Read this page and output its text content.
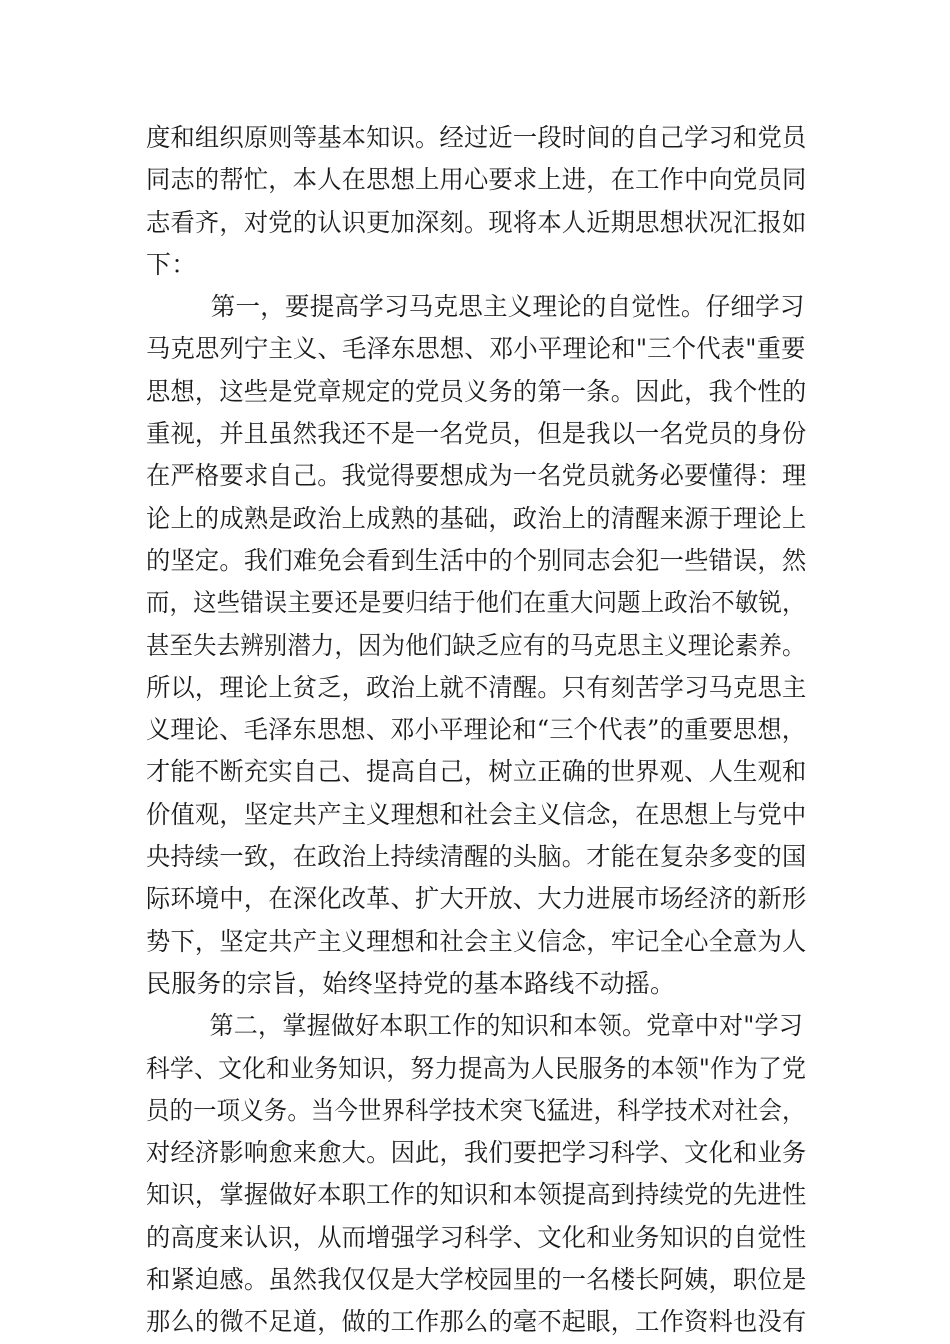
度和组织原则等基本知识。经过近一段时间的自己学习和党员
同志的帮忙，本人在思想上用心要求上进，在工作中向党员同
志看齐，对党的认识更加深刻。现将本人近期思想状况汇报如
下：
第一，要提高学习马克思主义理论的自觉性。仔细学习
马克思列宁主义、毛泽东思想、邓小平理论和"三个代表"重要
思想，这些是党章规定的党员义务的第一条。因此，我个性的
重视，并且虽然我还不是一名党员，但是我以一名党员的身份
在严格要求自己。我觉得要想成为一名党员就务必要懂得：理
论上的成熟是政治上成熟的基础，政治上的清醒来源于理论上
的坚定。我们难免会看到生活中的个别同志会犯一些错误，然
而，这些错误主要还是要归结于他们在重大问题上政治不敏锐，
甚至失去辨别潜力，因为他们缺乏应有的马克思主义理论素养。
所以，理论上贫乏，政治上就不清醒。只有刻苦学习马克思主
义理论、毛泽东思想、邓小平理论和“三个代表”的重要思想，
才能不断充实自己、提高自己，树立正确的世界观、人生观和
价值观，坚定共产主义理想和社会主义信念，在思想上与党中
央持续一致，在政治上持续清醒的头脑。才能在复杂多变的国
际环境中，在深化改革、扩大开放、大力进展市场经济的新形
势下，坚定共产主义理想和社会主义信念，牢记全心全意为人
民服务的宗旨，始终坚持党的基本路线不动摇。
第二，掌握做好本职工作的知识和本领。党章中对"学习
科学、文化和业务知识，努力提高为人民服务的本领"作为了党
员的一项义务。当今世界科学技术突飞猛进，科学技术对社会，
对经济影响愈来愈大。因此，我们要把学习科学、文化和业务
知识，掌握做好本职工作的知识和本领提高到持续党的先进性
的高度来认识，从而增强学习科学、文化和业务知识的自觉性
和紧迫感。虽然我仅仅是大学校园里的一名楼长阿姨，职位是
那么的微不足道，做的工作那么的毫不起眼，工作资料也没有
